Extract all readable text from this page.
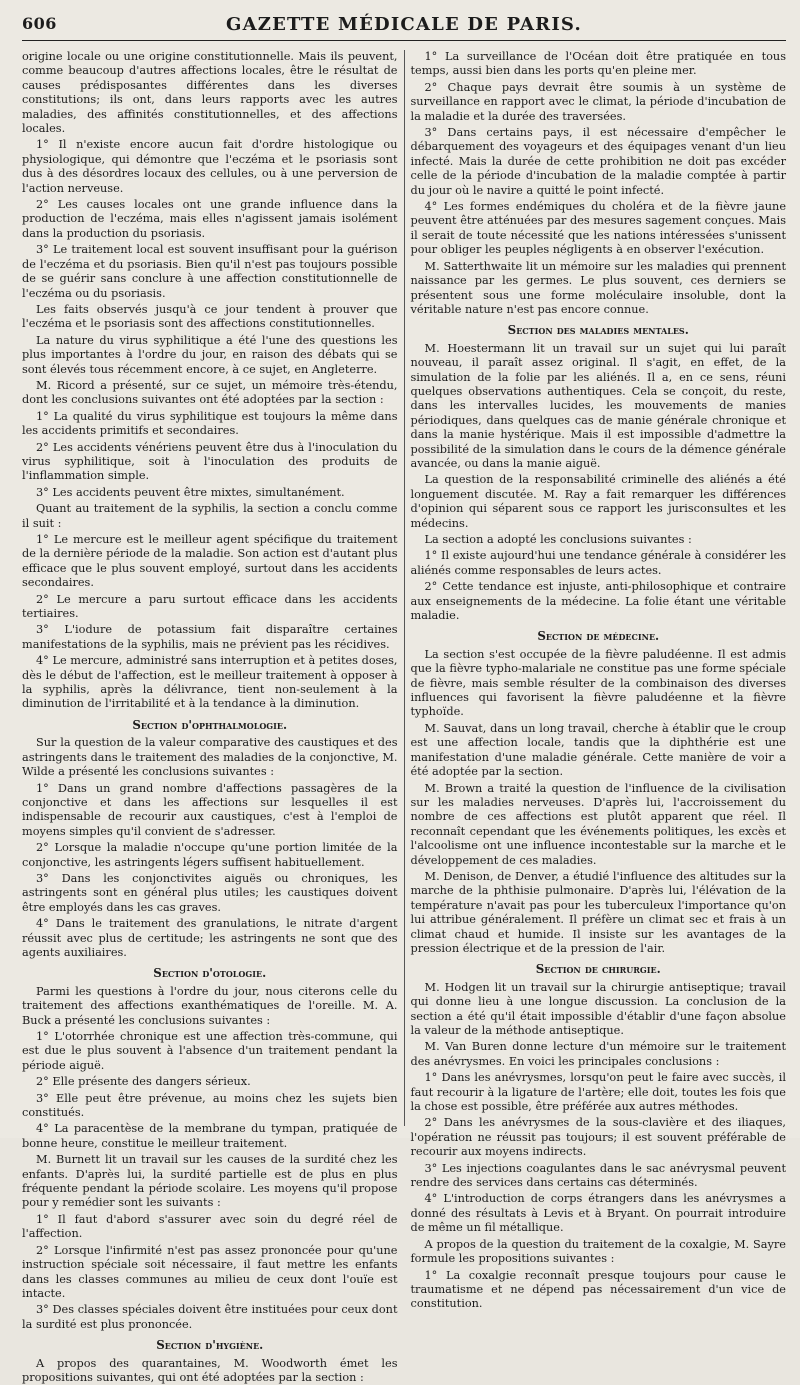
606	GAZETTE MÉDICALE DE PARIS.

origine locale ou une origine constitutionnelle. Mais ils peuvent, comme beaucoup d'autres affections locales, être le résultat de causes prédisposantes différentes dans les diverses constitutions; ils ont, dans leurs rapports avec les autres maladies, des affinités constitutionnelles, et des affections locales.

1° Il n'existe encore aucun fait d'ordre histologique ou physiologique, qui démontre que l'eczéma et le psoriasis sont dus à des désordres locaux des cellules, ou à une perversion de l'action nerveuse.

2° Les causes locales ont une grande influence dans la production de l'eczéma, mais elles n'agissent jamais isolément dans la production du psoriasis.

3° Le traitement local est souvent insuffisant pour la guérison de l'eczéma et du psoriasis. Bien qu'il n'est pas toujours possible de se guérir sans conclure à une affection constitutionnelle de l'eczéma ou du psoriasis.

Les faits observés jusqu'à ce jour tendent à prouver que l'eczéma et le psoriasis sont des affections constitutionnelles.

La nature du virus syphilitique a été l'une des questions les plus importantes à l'ordre du jour, en raison des débats qui se sont élevés tous récemment encore, à ce sujet, en Angleterre.

M. Ricord a présenté, sur ce sujet, un mémoire très-étendu, dont les conclusions suivantes ont été adoptées par la section :

1° La qualité du virus syphilitique est toujours la même dans les accidents primitifs et secondaires.

2° Les accidents vénériens peuvent être dus à l'inoculation du virus syphilitique, soit à l'inoculation des produits de l'inflammation simple.

3° Les accidents peuvent être mixtes, simultanément.

Quant au traitement de la syphilis, la section a conclu comme il suit :

1° Le mercure est le meilleur agent spécifique du traitement de la dernière période de la maladie. Son action est d'autant plus efficace que le plus souvent employé, surtout dans les accidents secondaires.

2° Le mercure a paru surtout efficace dans les accidents tertiaires.

3° L'iodure de potassium fait disparaître certaines manifestations de la syphilis, mais ne prévient pas les récidives.

4° Le mercure, administré sans interruption et à petites doses, dès le début de l'affection, est le meilleur traitement à opposer à la syphilis, après la délivrance, tient non-seulement à la diminution de l'irritabilité et à la tendance à la diminution.

Section d'ophthalmologie.

Sur la question de la valeur comparative des caustiques et des astringents dans le traitement des maladies de la conjonctive, M. Wilde a présenté les conclusions suivantes :

1° Dans un grand nombre d'affections passagères de la conjonctive et dans les affections sur lesquelles il est indispensable de recourir aux caustiques, c'est à l'emploi de moyens simples qu'il convient de s'adresser.

2° Lorsque la maladie n'occupe qu'une portion limitée de la conjonctive, les astringents légers suffisent habituellement.

3° Dans les conjonctivites aiguës ou chroniques, les astringents sont en général plus utiles; les caustiques doivent être employés dans les cas graves.

4° Dans le traitement des granulations, le nitrate d'argent réussit avec plus de certitude; les astringents ne sont que des agents auxiliaires.

Section d'otologie.

Parmi les questions à l'ordre du jour, nous citerons celle du traitement des affections exanthématiques de l'oreille. M. A. Buck a présenté les conclusions suivantes :

1° L'otorrhée chronique est une affection très-commune, qui est due le plus souvent à l'absence d'un traitement pendant la période aiguë.

2° Elle présente des dangers sérieux.

3° Elle peut être prévenue, au moins chez les sujets bien constitués.

4° La paracentèse de la membrane du tympan, pratiquée de bonne heure, constitue le meilleur traitement.

M. Burnett lit un travail sur les causes de la surdité chez les enfants. D'après lui, la surdité partielle est de plus en plus fréquente pendant la période scolaire. Les moyens qu'il propose pour y remédier sont les suivants :

1° Il faut d'abord s'assurer avec soin du degré réel de l'affection.

2° Lorsque l'infirmité n'est pas assez prononcée pour qu'une instruction spéciale soit nécessaire, il faut mettre les enfants dans les classes communes au milieu de ceux dont l'ouïe est intacte.

3° Des classes spéciales doivent être instituées pour ceux dont la surdité est plus prononcée.

Section d'hygiène.

A propos des quarantaines, M. Woodworth émet les propositions suivantes, qui ont été adoptées par la section :

1° La surveillance de l'Océan doit être pratiquée en tous temps, aussi bien dans les ports qu'en pleine mer.

2° Chaque pays devrait être soumis à un système de surveillance en rapport avec le climat, la période d'incubation de la maladie et la durée des traversées.

3° Dans certains pays, il est nécessaire d'empêcher le débarquement des voyageurs et des équipages venant d'un lieu infecté. Mais la durée de cette prohibition ne doit pas excéder celle de la période d'incubation de la maladie comptée à partir du jour où le navire a quitté le point infecté.

4° Les formes endémiques du choléra et de la fièvre jaune peuvent être atténuées par des mesures sagement conçues. Mais il serait de toute nécessité que les nations intéressées s'unissent pour obliger les peuples négligents à en observer l'exécution.

M. Satterthwaite lit un mémoire sur les maladies qui prennent naissance par les germes. Le plus souvent, ces derniers se présentent sous une forme moléculaire insoluble, dont la véritable nature n'est pas encore connue.

Section des maladies mentales.

M. Hoestermann lit un travail sur un sujet qui lui paraît nouveau, il paraît assez original. Il s'agit, en effet, de la simulation de la folie par les aliénés. Il a, en ce sens, réuni quelques observations authentiques. Cela se conçoit, du reste, dans les intervalles lucides, les mouvements de manies périodiques, dans quelques cas de manie générale chronique et dans la manie hystérique. Mais il est impossible d'admettre la possibilité de la simulation dans le cours de la démence générale avancée, ou dans la manie aiguë.

La question de la responsabilité criminelle des aliénés a été longuement discutée. M. Ray a fait remarquer les différences d'opinion qui séparent sous ce rapport les jurisconsultes et les médecins.

La section a adopté les conclusions suivantes :

1° Il existe aujourd'hui une tendance générale à considérer les aliénés comme responsables de leurs actes.

2° Cette tendance est injuste, anti-philosophique et contraire aux enseignements de la médecine. La folie étant une véritable maladie.

Section de médecine.

La section s'est occupée de la fièvre paludéenne. Il est admis que la fièvre typho-malariale ne constitue pas une forme spéciale de fièvre, mais semble résulter de la combinaison des diverses influences qui favorisent la fièvre paludéenne et la fièvre typhoïde.

M. Sauvat, dans un long travail, cherche à établir que le croup est une affection locale, tandis que la diphthérie est une manifestation d'une maladie générale. Cette manière de voir a été adoptée par la section.

M. Brown a traité la question de l'influence de la civilisation sur les maladies nerveuses. D'après lui, l'accroissement du nombre de ces affections est plutôt apparent que réel. Il reconnaît cependant que les événements politiques, les excès et l'alcoolisme ont une influence incontestable sur la marche et le développement de ces maladies.

M. Denison, de Denver, a étudié l'influence des altitudes sur la marche de la phthisie pulmonaire. D'après lui, l'élévation de la température n'avait pas pour les tuberculeux l'importance qu'on lui attribue généralement. Il préfère un climat sec et frais à un climat chaud et humide. Il insiste sur les avantages de la pression électrique et de la pression de l'air.

Section de chirurgie.

M. Hodgen lit un travail sur la chirurgie antiseptique; travail qui donne lieu à une longue discussion. La conclusion de la section a été qu'il était impossible d'établir d'une façon absolue la valeur de la méthode antiseptique.

M. Van Buren donne lecture d'un mémoire sur le traitement des anévrysmes. En voici les principales conclusions :

1° Dans les anévrysmes, lorsqu'on peut le faire avec succès, il faut recourir à la ligature de l'artère; elle doit, toutes les fois que la chose est possible, être préférée aux autres méthodes.

2° Dans les anévrysmes de la sous-clavière et des iliaques, l'opération ne réussit pas toujours; il est souvent préférable de recourir aux moyens indirects.

3° Les injections coagulantes dans le sac anévrysmal peuvent rendre des services dans certains cas déterminés.

4° L'introduction de corps étrangers dans les anévrysmes a donné des résultats à Levis et à Bryant. On pourrait introduire de même un fil métallique.

A propos de la question du traitement de la coxalgie, M. Sayre formule les propositions suivantes :

1° La coxalgie reconnaît presque toujours pour cause le traumatisme et ne dépend pas nécessairement d'un vice de constitution.
